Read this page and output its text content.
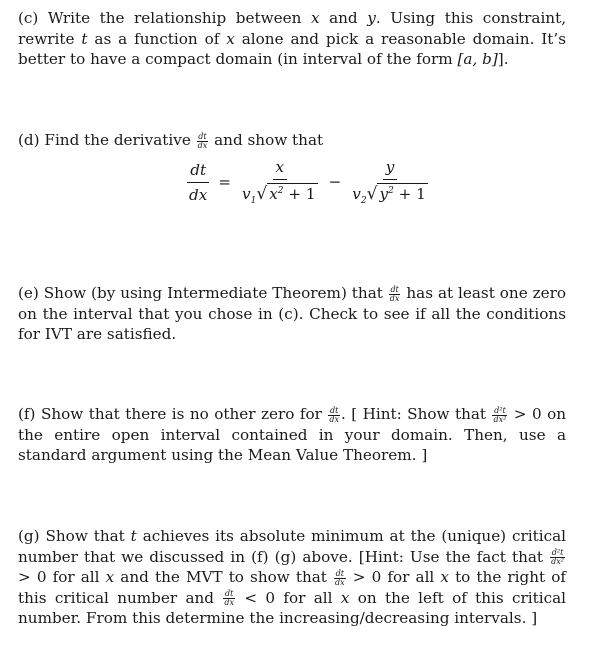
(c) Write the relationship between x and y. Using this constraint, rewrite t as a function of x alone and pick a reasonable domain. It’s better to have a compact domain (in interval of the form [a, b]].
(d) Find the derivative $\frac{dt}{dx}$ and show that
$\frac{dt}{dx} = \frac{x}{v_1 √ x^2 + 1} - \frac{y}{v_2 √ y^2 + 1}$
(e) Show (by using Intermediate Theorem) that $\frac{dt}{dx}$ has at least one zero on the interval that you chose in (c). Check to see if all the conditions for IVT are satisfied.
(f) Show that there is no other zero for $\frac{dt}{dx}$ . [ Hint: Show that $\frac{\text{d²t}}{\text{dx²}} > 0$ on the entire open interval contained in your domain. Then, use a standard argument using the Mean Value Theorem. ]
(g) Show that t achieves its absolute minimum at the (unique) critical number that we discussed in (f) (g) above. [Hint: Use the fact that $\frac{\text{d²t}}{\text{dx²}}$
> 0 for all x and the MVT to show that $\frac{dt}{dx} > 0$ for all x to the right of this critical number and $\frac{dt}{dx} < 0$ for all x on the left of this critical number. From this determine the increasing/decreasing intervals. ]
